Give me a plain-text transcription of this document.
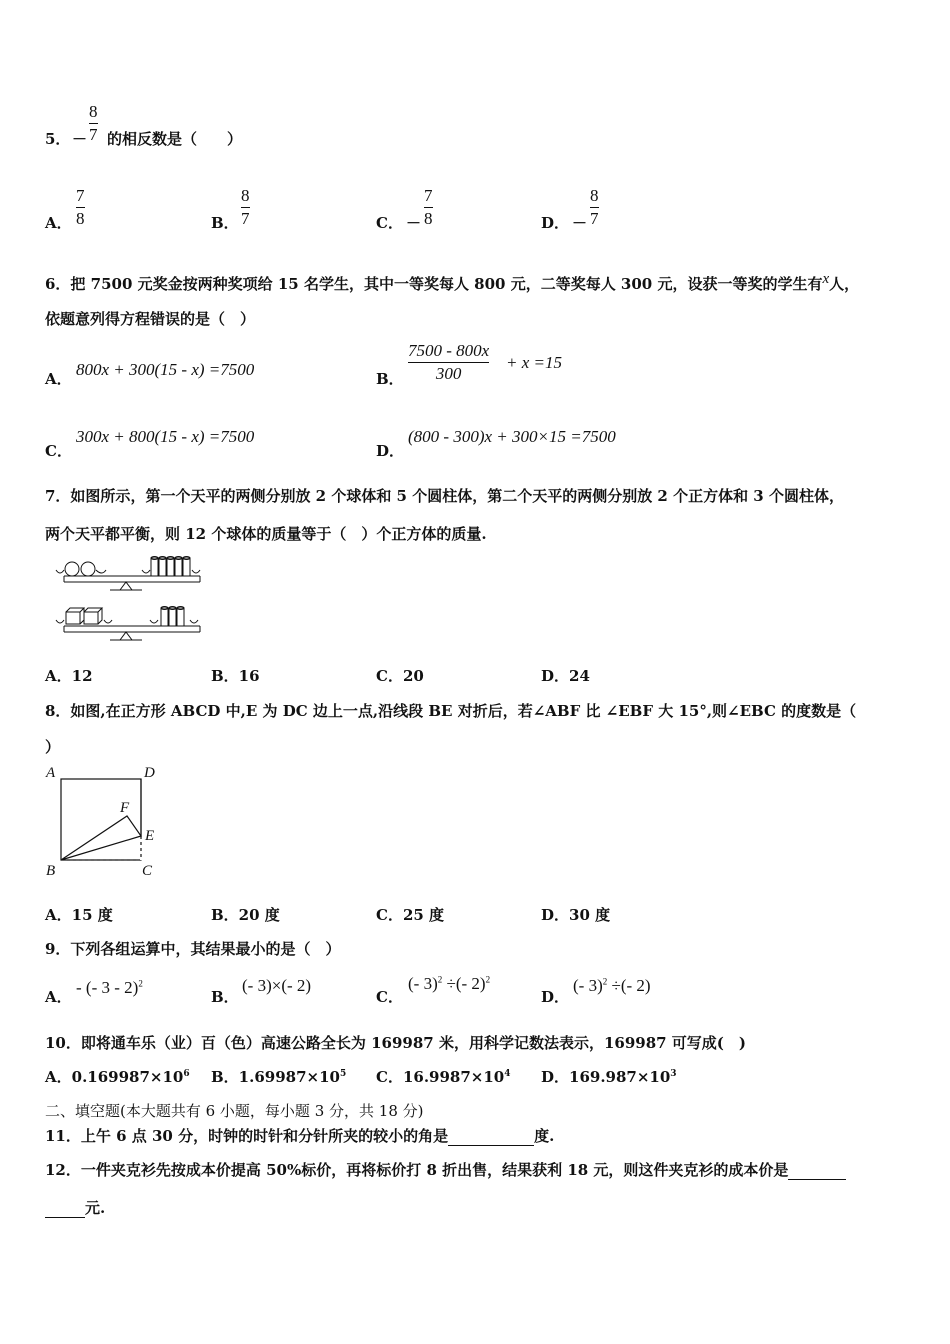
5． －
8
7 的相反数是（　　）
A．
7
8	B．
8
7	C． －
7
8	D． －
8
7
6．把 7500 元奖金按两种奖项给 15 名学生，其中一等奖每人 800 元，二等奖每人 300 元，设获一等奖的学生有x人，
依题意列得方程错误的是（　）
A． 800x + 300(15 - x) =7500	B．
7500 - 800x
300
+ x =15
C．
300x + 800(15 - x) =7500
D．
(800 - 300)x + 300×15 =7500
7．如图所示，第一个天平的两侧分别放 2 个球体和 5 个圆柱体，第二个天平的两侧分别放 2 个正方体和 3 个圆柱体，
两个天平都平衡，则 12 个球体的质量等于（　）个正方体的质量.
A．12	B．16	C．20	D．24
8．如图,在正方形 ABCD 中,E 为 DC 边上一点,沿线段 BE 对折后，若∠ABF 比 ∠EBF 大 15°,则∠EBC 的度数是（
）
A	D
F
E
B	C
A．15 度	B．20 度	C．25 度	D．30 度
9．下列各组运算中，其结果最小的是（　）
A． - (- 3 - 2)$^2$
B．
(- 3)×(- 2)
C．
(- 3)$^2$ ÷(- 2)$^2$
D．
(- 3)$^2$ ÷(- 2)
10．即将通车乐（业）百（色）高速公路全长为 169987 米，用科学记数法表示，169987 可写成(　)
A．$0.169987\times 10^6$ B．$1.69987\times 10^5$ C．$16.9987\times 10^4$ D．$169.987\times 10^3$
二、填空题(本大题共有 6 小题，每小题 3 分，共 18 分)
11．上午 6 点 30 分，时钟的时针和分针所夹的较小的角是	度.
12．一件夹克衫先按成本价提高 50%标价，再将标价打 8 折出售，结果获利 18 元，则这件夹克衫的成本价是
元.
